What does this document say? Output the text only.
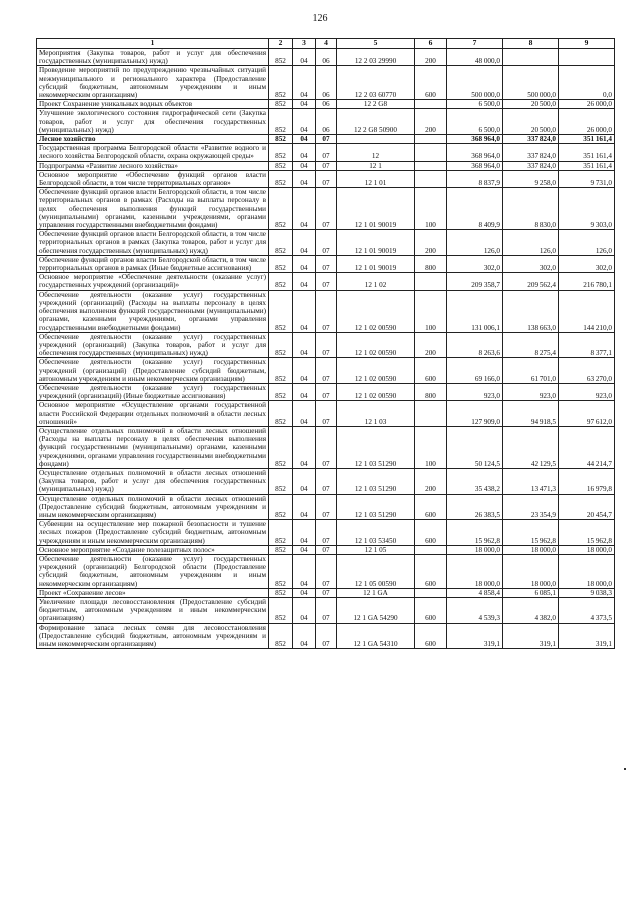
126
1	2	3	4	5	6	7	8	9
Мероприятия (Закупка товаров, работ и услуг для обеспечения государственных (муниципальных) нужд)	852	04	06	12 2 03 29990	200	48 000,0		
Проведение мероприятий по предупреждению чрезвычайных ситуаций межмуниципального и регионального характера (Предоставление субсидий бюджетным, автономным учреждениям и иным некоммерческим организациям)	852	04	06	12 2 03 60770	600	500 000,0	500 000,0	0,0
Проект Сохранение уникальных водных объектов	852	04	06	12 2 G8		6 500,0	20 500,0	26 000,0
Улучшение экологического состояния гидрографической сети (Закупка товаров, работ и услуг для обеспечения государственных (муниципальных) нужд)	852	04	06	12 2 G8 50900	200	6 500,0	20 500,0	26 000,0
Лесное хозяйство	852	04	07			368 964,0	337 824,0	351 161,4
Государственная программа Белгородской области «Развитие водного и лесного хозяйства Белгородской области, охрана окружающей среды»	852	04	07	12		368 964,0	337 824,0	351 161,4
Подпрограмма «Развитие лесного хозяйства»	852	04	07	12 1		368 964,0	337 824,0	351 161,4
Основное мероприятие «Обеспечение функций органов власти Белгородской области, в том числе территориальных органов»	852	04	07	12 1 01		8 837,9	9 258,0	9 731,0
Обеспечение функций органов власти Белгородской области, в том числе территориальных органов в рамках (Расходы на выплаты персоналу в целях обеспечения выполнения функций государственными (муниципальными) органами, казенными учреждениями, органами управления государственными внебюджетными фондами)	852	04	07	12 1 01 90019	100	8 409,9	8 830,0	9 303,0
Обеспечение функций органов власти Белгородской области, в том числе территориальных органов в рамках (Закупка товаров, работ и услуг для обеспечения государственных (муниципальных) нужд)	852	04	07	12 1 01 90019	200	126,0	126,0	126,0
Обеспечение функций органов власти Белгородской области, в том числе территориальных органов в рамках (Иные бюджетные ассигнования)	852	04	07	12 1 01 90019	800	302,0	302,0	302,0
Основное мероприятие «Обеспечение деятельности (оказание услуг) государственных учреждений (организаций)»	852	04	07	12 1 02		209 358,7	209 562,4	216 780,1
Обеспечение деятельности (оказание услуг) государственных учреждений (организаций) (Расходы на выплаты персоналу в целях обеспечения выполнения функций государственными (муниципальными) органами, казенными учреждениями, органами управления государственными внебюджетными фондами)	852	04	07	12 1 02 00590	100	131 006,1	138 663,0	144 210,0
Обеспечение деятельности (оказание услуг) государственных учреждений (организаций) (Закупка товаров, работ и услуг для обеспечения государственных (муниципальных) нужд)	852	04	07	12 1 02 00590	200	8 263,6	8 275,4	8 377,1
Обеспечение деятельности (оказание услуг) государственных учреждений (организаций) (Предоставление субсидий бюджетным, автономным учреждениям и иным некоммерческим организациям)	852	04	07	12 1 02 00590	600	69 166,0	61 701,0	63 270,0
Обеспечение деятельности (оказание услуг) государственных учреждений (организаций) (Иные бюджетные ассигнования)	852	04	07	12 1 02 00590	800	923,0	923,0	923,0
Основное мероприятие «Осуществление органами государственной власти Российской Федерации отдельных полномочий в области лесных отношений»	852	04	07	12 1 03		127 909,0	94 918,5	97 612,0
Осуществление отдельных полномочий в области лесных отношений (Расходы на выплаты персоналу в целях обеспечения выполнения функций государственными (муниципальными) органами, казенными учреждениями, органами управления государственными внебюджетными фондами)	852	04	07	12 1 03 51290	100	50 124,5	42 129,5	44 214,7
Осуществление отдельных полномочий в области лесных отношений (Закупка товаров, работ и услуг для обеспечения государственных (муниципальных) нужд)	852	04	07	12 1 03 51290	200	35 438,2	13 471,3	16 979,8
Осуществление отдельных полномочий в области лесных отношений (Предоставление субсидий бюджетным, автономным учреждениям и иным некоммерческим организациям)	852	04	07	12 1 03 51290	600	26 383,5	23 354,9	20 454,7
Субвенции на осуществление мер пожарной безопасности и тушение лесных пожаров (Предоставление субсидий бюджетным, автономным учреждениям и иным некоммерческим организациям)	852	04	07	12 1 03 53450	600	15 962,8	15 962,8	15 962,8
Основное мероприятие «Создание полезащитных полос»	852	04	07	12 1 05		18 000,0	18 000,0	18 000,0
Обеспечение деятельности (оказание услуг) государственных учреждений (организаций) Белгородской области (Предоставление субсидий бюджетным, автономным учреждениям и иным некоммерческим организациям)	852	04	07	12 1 05 00590	600	18 000,0	18 000,0	18 000,0
Проект «Сохранение лесов»	852	04	07	12 1 GA		4 858,4	6 085,1	9 038,3
Увеличение площади лесовосстановления (Предоставление субсидий бюджетным, автономным учреждениям и иным некоммерческим организациям)	852	04	07	12 1 GA 54290	600	4 539,3	4 382,0	4 373,5
Формирование запаса лесных семян для лесовосстановления (Предоставление субсидий бюджетным, автономным учреждениям и иным некоммерческим организациям)	852	04	07	12 1 GA 54310	600	319,1	319,1	319,1
